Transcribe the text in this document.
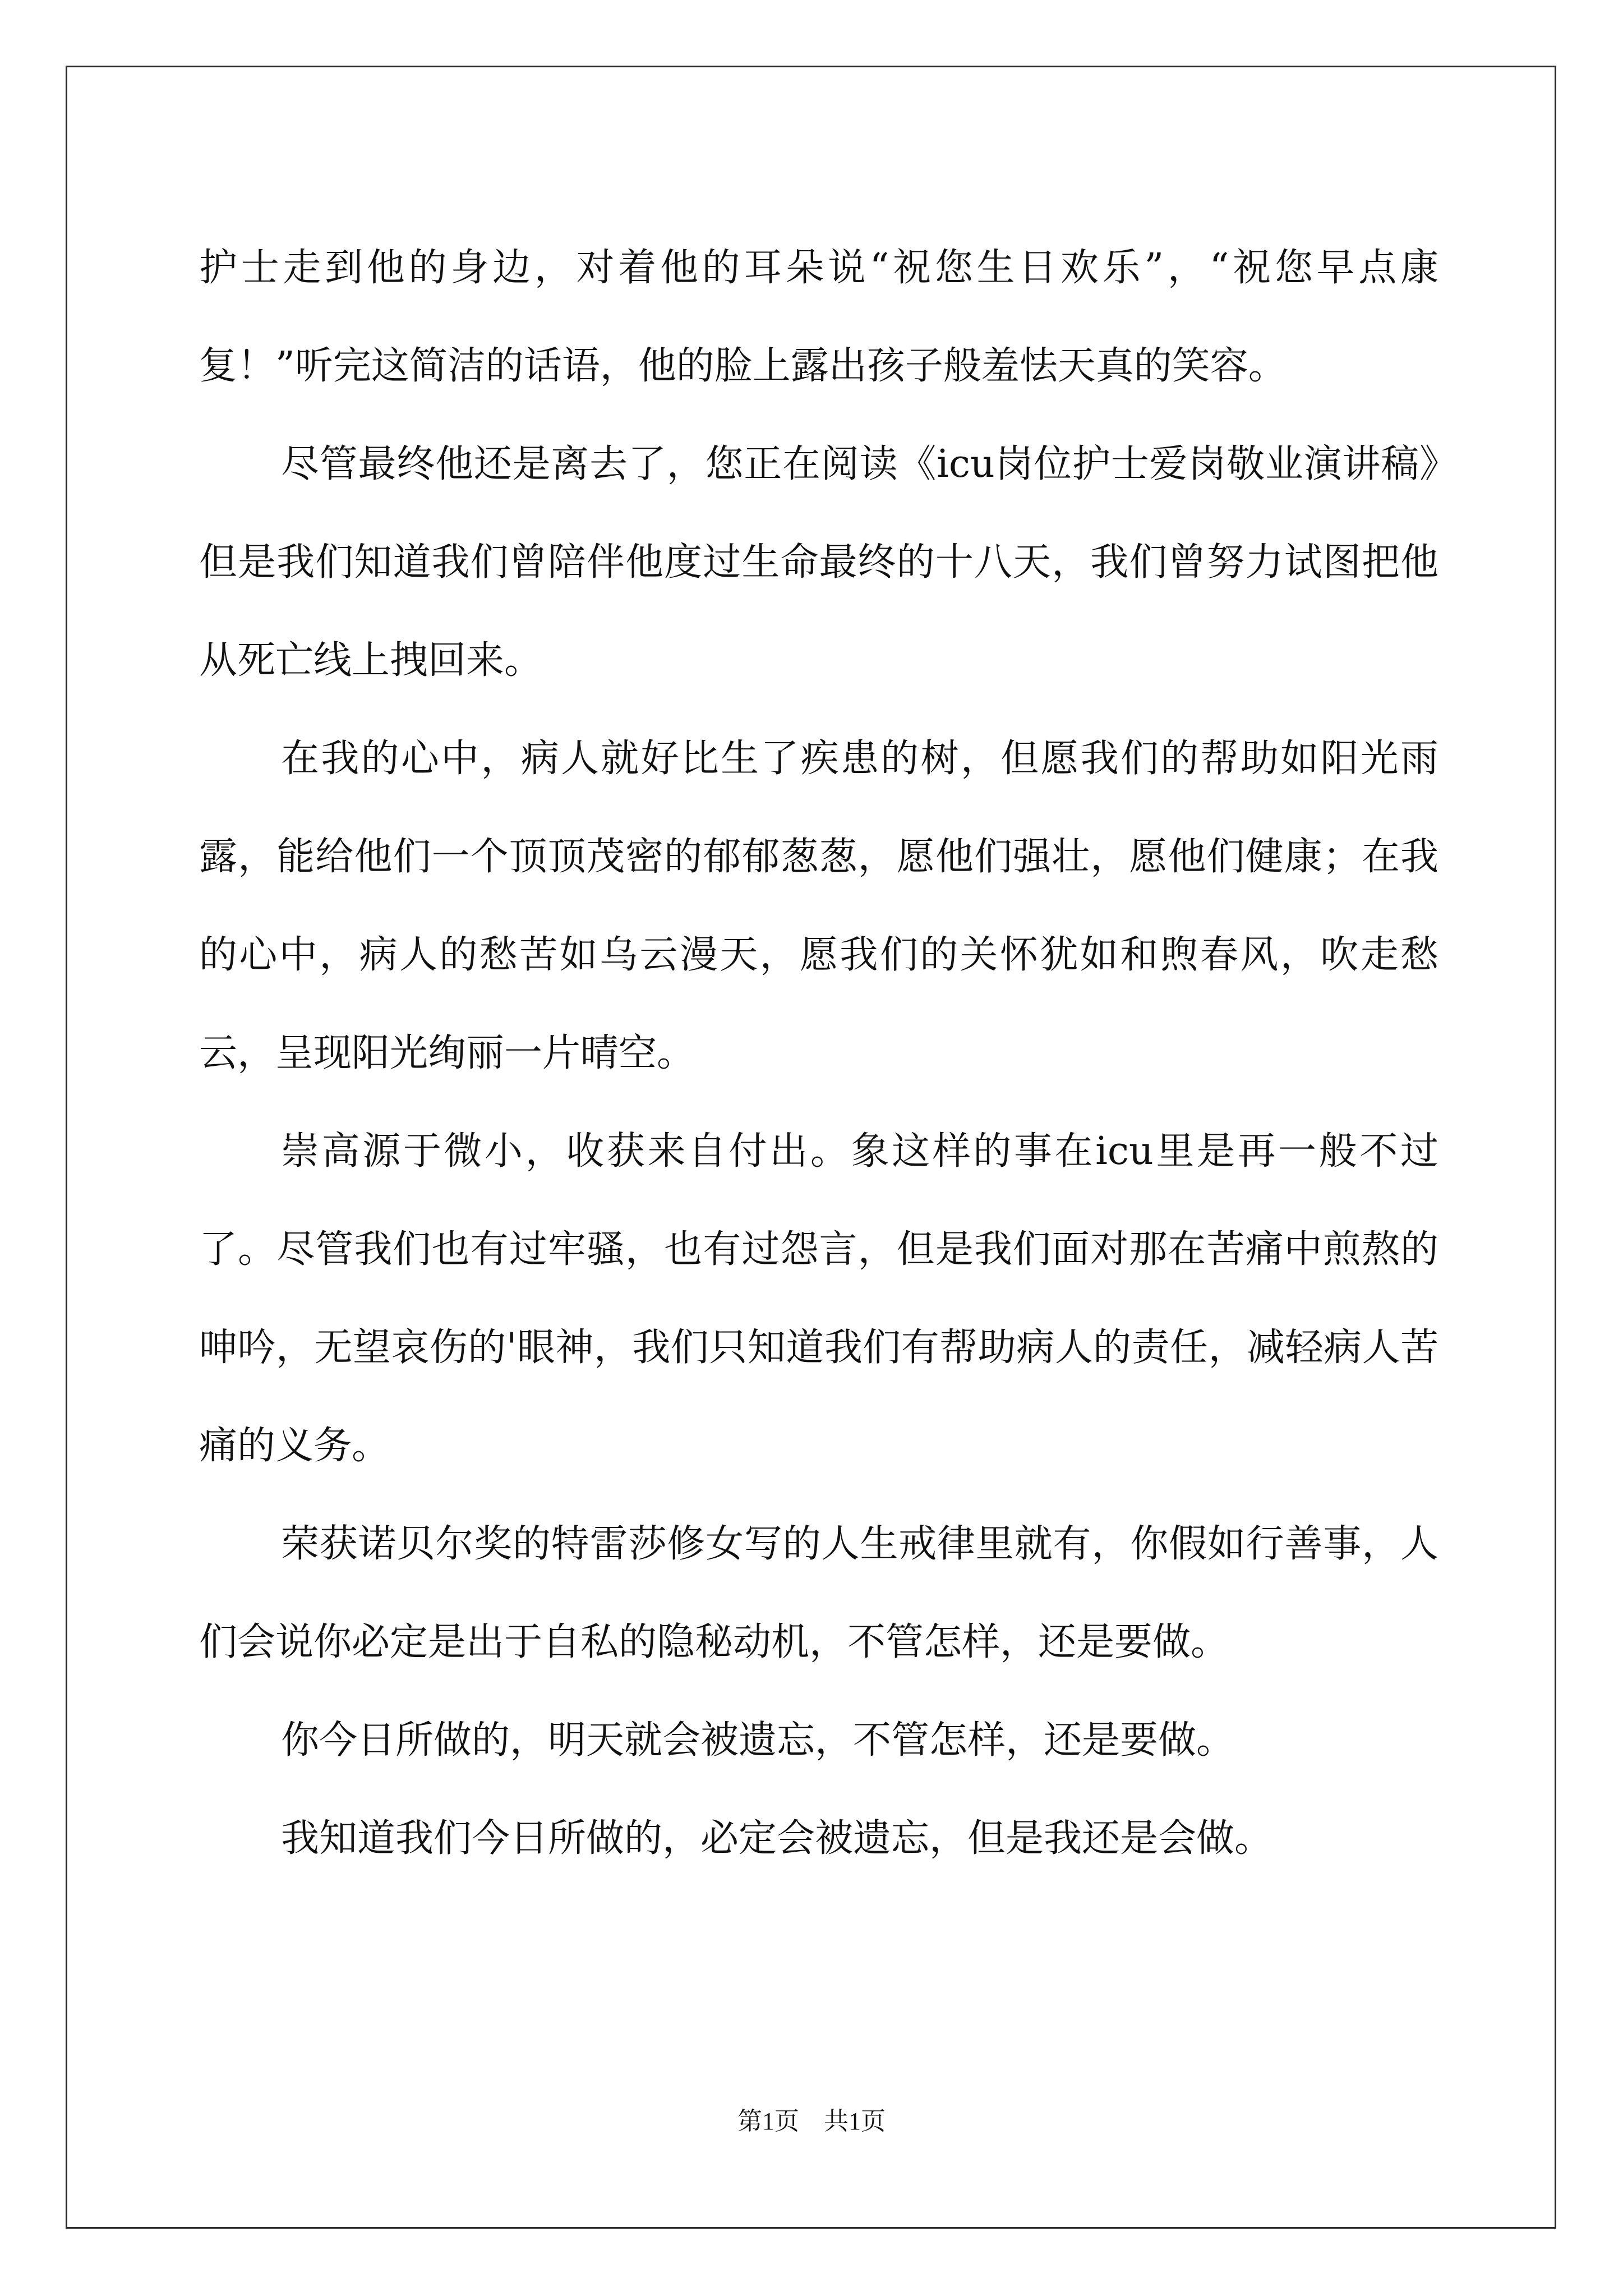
护士走到他的身边，对着他的耳朵说“祝您生日欢乐”，“祝您早点康复！”听完这简洁的话语，他的脸上露出孩子般羞怯天真的笑容。

尽管最终他还是离去了，您正在阅读《icu岗位护士爱岗敬业演讲稿》但是我们知道我们曾陪伴他度过生命最终的十八天，我们曾努力试图把他从死亡线上拽回来。

在我的心中，病人就好比生了疾患的树，但愿我们的帮助如阳光雨露，能给他们一个顶顶茂密的郁郁葱葱，愿他们强壮，愿他们健康；在我的心中，病人的愁苦如乌云漫天，愿我们的关怀犹如和煦春风，吹走愁云，呈现阳光绚丽一片晴空。

崇高源于微小，收获来自付出。象这样的事在icu里是再一般不过了。尽管我们也有过牢骚，也有过怨言，但是我们面对那在苦痛中煎熬的呻吟，无望哀伤的'眼神，我们只知道我们有帮助病人的责任，减轻病人苦痛的义务。

荣获诺贝尔奖的特雷莎修女写的人生戒律里就有，你假如行善事，人们会说你必定是出于自私的隐秘动机，不管怎样，还是要做。

你今日所做的，明天就会被遗忘，不管怎样，还是要做。

我知道我们今日所做的，必定会被遗忘，但是我还是会做。

第1页　共1页
